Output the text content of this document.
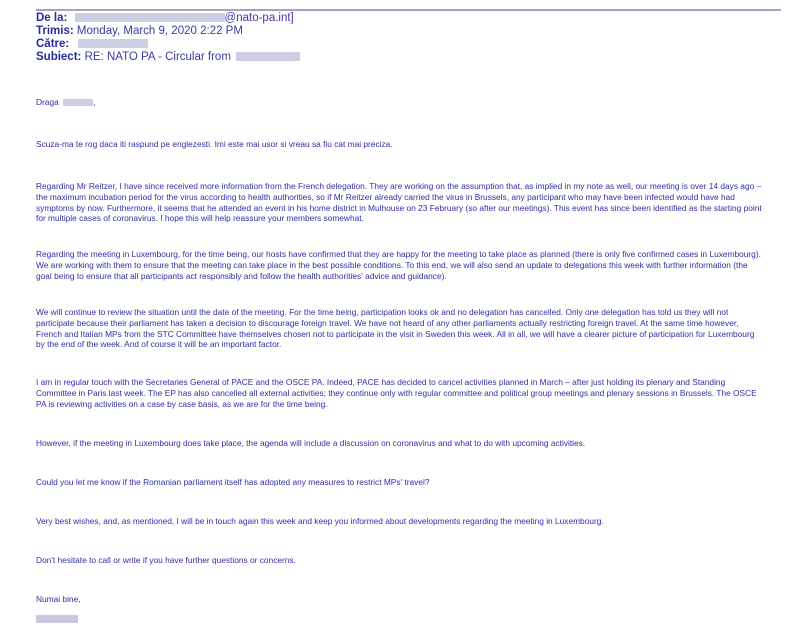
De la:	@nato-pa.int]
Trimis: Monday, March 9, 2020 2:22 PM
Către:
Subiect: RE: NATO PA - Circular from
Draga	,

Scuza-ma te rog daca iti raspund pe englezesti. Imi este mai usor si vreau sa fiu cat mai preciza.

Regarding Mr Reitzer, I have since received more information from the French delegation. They are working on the assumption that, as implied in my note as well, our meeting is over 14 days ago – the maximum incubation period for the virus according to health authorities, so if Mr Reitzer already carried the virus in Brussels, any participant who may have been infected would have had symptoms by now. Furthermore, it seems that he attended an event in his home district in Mulhouse on 23 February (so after our meetings). This event has since been identified as the starting point for multiple cases of coronavirus. I hope this will help reassure your members somewhat.

Regarding the meeting in Luxembourg, for the time being, our hosts have confirmed that they are happy for the meeting to take place as planned (there is only five confirmed cases in Luxembourg). We are working with them to ensure that the meeting can take place in the best possible conditions. To this end, we will also send an update to delegations this week with further information (the goal being to ensure that all participants act responsibly and follow the health authorities' advice and guidance).

We will continue to review the situation until the date of the meeting. For the time being, participation looks ok and no delegation has cancelled. Only one delegation has told us they will not participate because their parliament has taken a decision to discourage foreign travel. We have not heard of any other parliaments actually restricting foreign travel. At the same time however, French and Italian MPs from the STC Committee have themselves chosen not to participate in the visit in Sweden this week. All in all, we will have a clearer picture of participation for Luxembourg by the end of the week. And of course it will be an important factor.

I am in regular touch with the Secretaries General of PACE and the OSCE PA. Indeed, PACE has decided to cancel activities planned in March – after just holding its plenary and Standing Committee in Paris last week. The EP has also cancelled all external activities; they continue only with regular committee and political group meetings and plenary sessions in Brussels. The OSCE PA is reviewing activities on a case by case basis, as we are for the time being.

However, if the meeting in Luxembourg does take place, the agenda will include a discussion on coronavirus and what to do with upcoming activities.

Could you let me know if the Romanian parliament itself has adopted any measures to restrict MPs' travel?

Very best wishes, and, as mentioned, I will be in touch again this week and keep you informed about developments regarding the meeting in Luxembourg.

Don't hesitate to call or write if you have further questions or concerns.

Numai bine,
